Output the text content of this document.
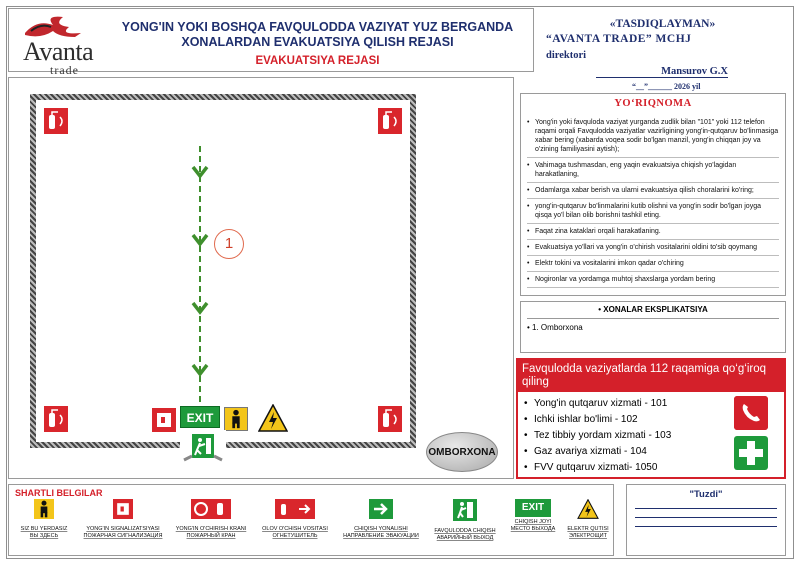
Avanta
trade
YONG'IN YOKI BOSHQA FAVQULODDA VAZIYAT YUZ BERGANDA
XONALARDAN EVAKUATSIYA QILISH REJASI
EVAKUATSIYA REJASI
«TASDIQLAYMAN»
“AVANTA TRADE” MCHJ
direktori
Mansurov G.X
“__”______ 2026 yil
1
EXIT
OMBORXONA
YO‘RIQNOMA
• Yong'in yoki favquloda vaziyat yurganda zudlik bilan "101" yoki 112 telefon raqami orqali Favqulodda vaziyatlar vazirligining yong'in-qutqaruv bo'linmasiga xabar bering (xabarda voqea sodir bo'lgan manzil, yong'in chiqqan joy va o'zining familiyasini aytish);
• Vahimaga tushmasdan, eng yaqin evakuatsiya chiqish yo'lagidan harakatlaning,
• Odamlarga xabar berish va ularni evakuatsiya qilish choralarini ko'ring;
• yong'in-qutqaruv bo'linmalarini kutib olishni va yong'in sodir bo'lgan joyga qisqa yo'l bilan olib borishni tashkil eting.
• Faqat zina kataklari orqali harakatlaning.
• Evakuatsiya yo'llari va yong'in o'chirish vositalarini oldini to'sib qoymang
• Elektr tokini va vositalarini imkon qadar o'chiring
• Nogironlar va yordamga muhtoj shaxslarga yordam bering
• XONALAR EKSPLIKATSIYA
• 1. Omborxona
Favqulodda vaziyatlarda 112 raqamiga qo‘g‘iroq qiling
• Yong'in qutqaruv xizmati - 101
• Ichki ishlar bo'limi - 102
• Tez tibbiy yordam xizmati - 103
• Gaz avariya xizmati - 104
• FVV qutqaruv xizmati- 1050
SHARTLI BELGILAR
SIZ BU YERDASIZ
ВЫ ЗДЕСЬ
YONG'IN SIGNALIZATSIYASI
ПОЖАРНАЯ СИГНАЛИЗАЦИЯ
YONG'IN O'CHIRISH KRANI
ПОЖАРНЫЙ КРАН
OLOV O'CHISH VOSITASI
ОГНЕТУШИТЕЛЬ
CHIQISH YONALISHI
НАПРАВЛЕНИЕ ЭВАКУАЦИИ
FAVQULODDA CHIQISH
АВАРИЙНЫЙ ВЫХОД
EXIT
CHIQISH JOYI
МЕСТО ВЫХОДА	ELEKTR QUTISI
ЭЛЕКТРОЩИТ
"Tuzdi"
